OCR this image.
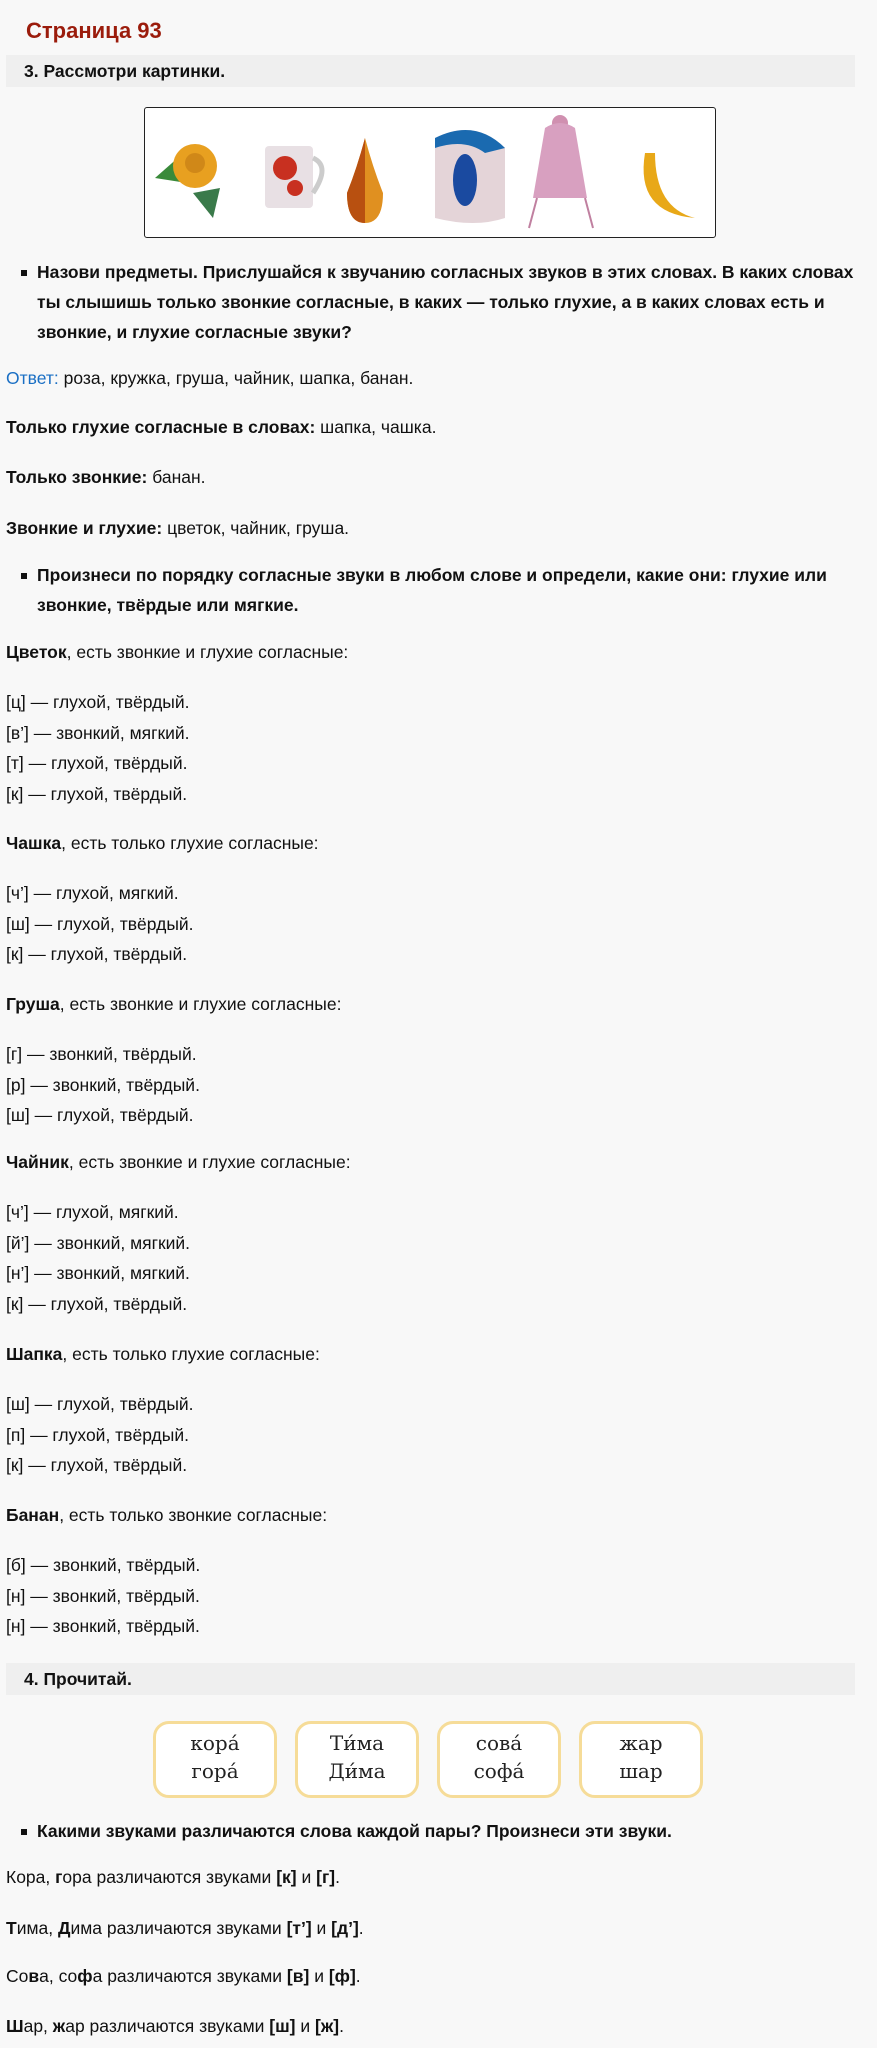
Страница 93
3. Рассмотри картинки.
Назови предметы. Прислушайся к звучанию согласных звуков в этих словах. В каких словах ты слышишь только звонкие согласные, в каких — только глухие, а в каких словах есть и звонкие, и глухие согласные звуки?
Ответ: роза, кружка, груша, чайник, шапка, банан.
Только глухие согласные в словах: шапка, чашка.
Только звонкие: банан.
Звонкие и глухие: цветок, чайник, груша.
Произнеси по порядку согласные звуки в любом слове и определи, какие они: глухие или звонкие, твёрдые или мягкие.
Цветок, есть звонкие и глухие согласные:
[ц] — глухой, твёрдый.
[в’] — звонкий, мягкий.
[т] — глухой, твёрдый.
[к] — глухой, твёрдый.
Чашка, есть только глухие согласные:
[ч’] — глухой, мягкий.
[ш] — глухой, твёрдый.
[к] — глухой, твёрдый.
Груша, есть звонкие и глухие согласные:
[г] — звонкий, твёрдый.
[р] — звонкий, твёрдый.
[ш] — глухой, твёрдый.
Чайник, есть звонкие и глухие согласные:
[ч’] — глухой, мягкий.
[й’] — звонкий, мягкий.
[н’] — звонкий, мягкий.
[к] — глухой, твёрдый.
Шапка, есть только глухие согласные:
[ш] — глухой, твёрдый.
[п] — глухой, твёрдый.
[к] — глухой, твёрдый.
Банан, есть только звонкие согласные:
[б] — звонкий, твёрдый.
[н] — звонкий, твёрдый.
[н] — звонкий, твёрдый.
4. Прочитай.
кора́
гора́
Ти́ма
Ди́ма
сова́
софа́
жар
шар
Какими звуками различаются слова каждой пары? Произнеси эти звуки.
Кора, гора различаются звуками [к] и [г].
Тима, Дима различаются звуками [т’] и [д’].
Сова, софа различаются звуками [в] и [ф].
Шар, жар различаются звуками [ш] и [ж].
